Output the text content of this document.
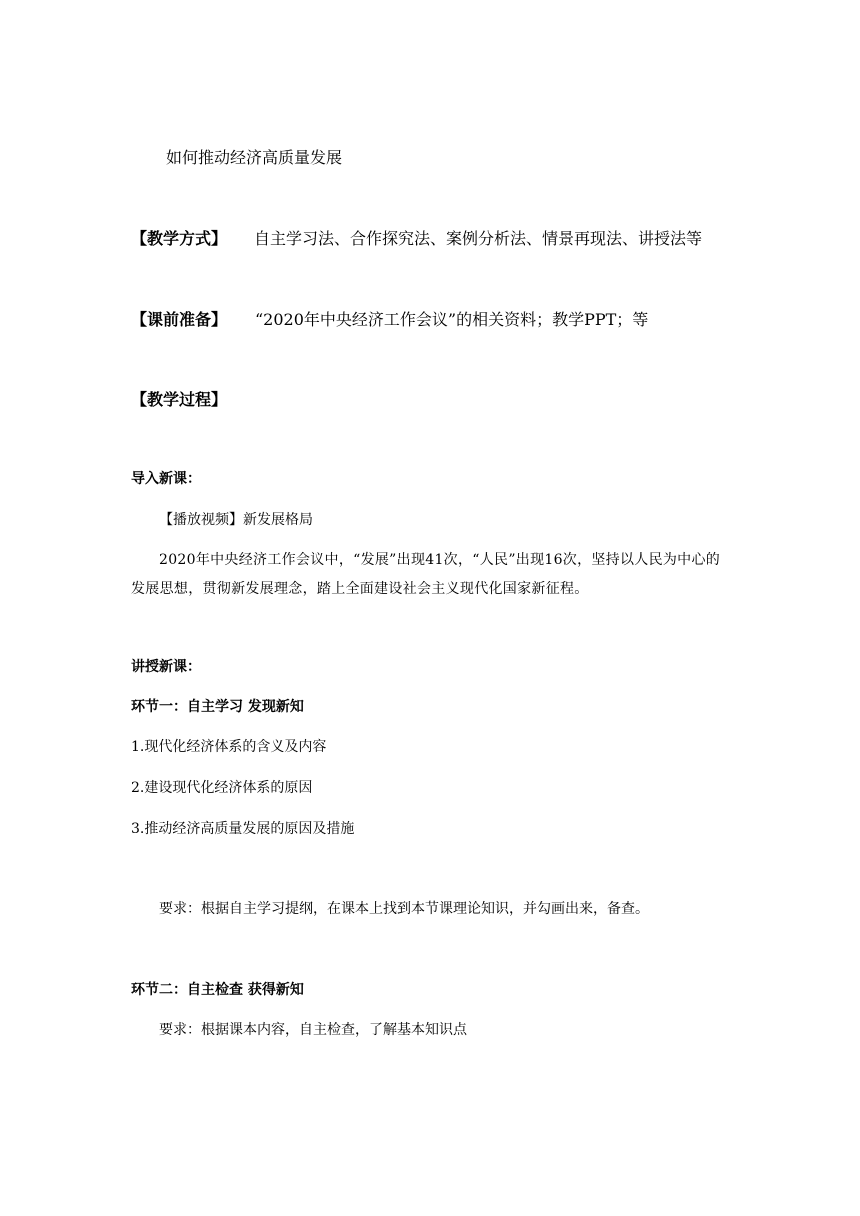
如何推动经济高质量发展
【教学方式】 自主学习法、合作探究法、案例分析法、情景再现法、讲授法等
【课前准备】 “2020年中央经济工作会议”的相关资料；教学PPT；等
【教学过程】
导入新课：
【播放视频】新发展格局
2020年中央经济工作会议中，“发展”出现41次，“人民”出现16次，坚持以人民为中心的发展思想，贯彻新发展理念，踏上全面建设社会主义现代化国家新征程。
讲授新课：
环节一：自主学习 发现新知
1.现代化经济体系的含义及内容
2.建设现代化经济体系的原因
3.推动经济高质量发展的原因及措施
要求：根据自主学习提纲，在课本上找到本节课理论知识，并勾画出来，备查。
环节二：自主检查 获得新知
要求：根据课本内容，自主检查，了解基本知识点
